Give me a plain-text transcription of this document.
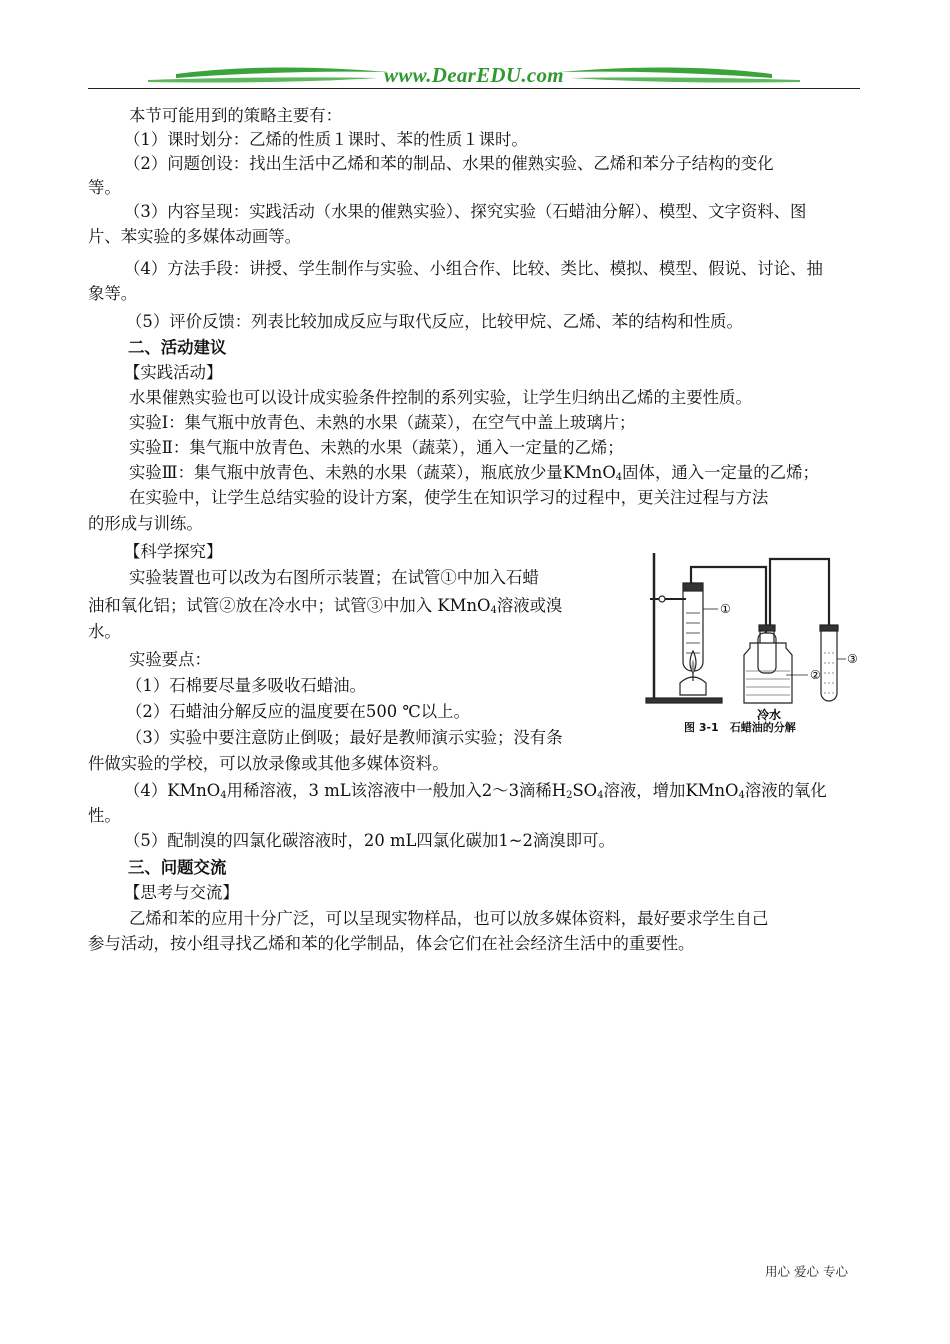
www.DearEDU.com
本节可能用到的策略主要有：
（1）课时划分：乙烯的性质１课时、苯的性质１课时。
（2）问题创设：找出生活中乙烯和苯的制品、水果的催熟实验、乙烯和苯分子结构的变化
等。
（3）内容呈现：实践活动（水果的催熟实验）、探究实验（石蜡油分解）、模型、文字资料、图
片、苯实验的多媒体动画等。
（4）方法手段：讲授、学生制作与实验、小组合作、比较、类比、模拟、模型、假说、讨论、抽
象等。
（5）评价反馈：列表比较加成反应与取代反应，比较甲烷、乙烯、苯的结构和性质。
二、活动建议
【实践活动】
水果催熟实验也可以设计成实验条件控制的系列实验，让学生归纳出乙烯的主要性质。
实验Ⅰ：集气瓶中放青色、未熟的水果（蔬菜），在空气中盖上玻璃片；
实验Ⅱ：集气瓶中放青色、未熟的水果（蔬菜），通入一定量的乙烯；
实验Ⅲ：集气瓶中放青色、未熟的水果（蔬菜），瓶底放少量KMnO$_4$固体，通入一定量的乙烯；
在实验中，让学生总结实验的设计方案，使学生在知识学习的过程中，更关注过程与方法
的形成与训练。
【科学探究】
实验装置也可以改为右图所示装置；在试管①中加入石蜡
油和氧化铝；试管②放在冷水中；试管③中加入 KMnO$_4$溶液或溴
水。
实验要点：
（1）石棉要尽量多吸收石蜡油。
（2）石蜡油分解反应的温度要在500 ℃以上。
（3）实验中要注意防止倒吸；最好是教师演示实验；没有条
件做实验的学校，可以放录像或其他多媒体资料。
（4）KMnO$_4$用稀溶液，3 mL该溶液中一般加入2～3滴稀$H_2SO_4$溶液，增加KMnO$_4$溶液的氧化
性。
（5）配制溴的四氯化碳溶液时，20 mL四氯化碳加1~2滴溴即可。
三、问题交流
【思考与交流】
乙烯和苯的应用十分广泛，可以呈现实物样品，也可以放多媒体资料，最好要求学生自己
参与活动，按小组寻找乙烯和苯的化学制品，体会它们在社会经济生活中的重要性。
①
②
③
冷水
图 3-1　石蜡油的分解
用心 爱心 专心
